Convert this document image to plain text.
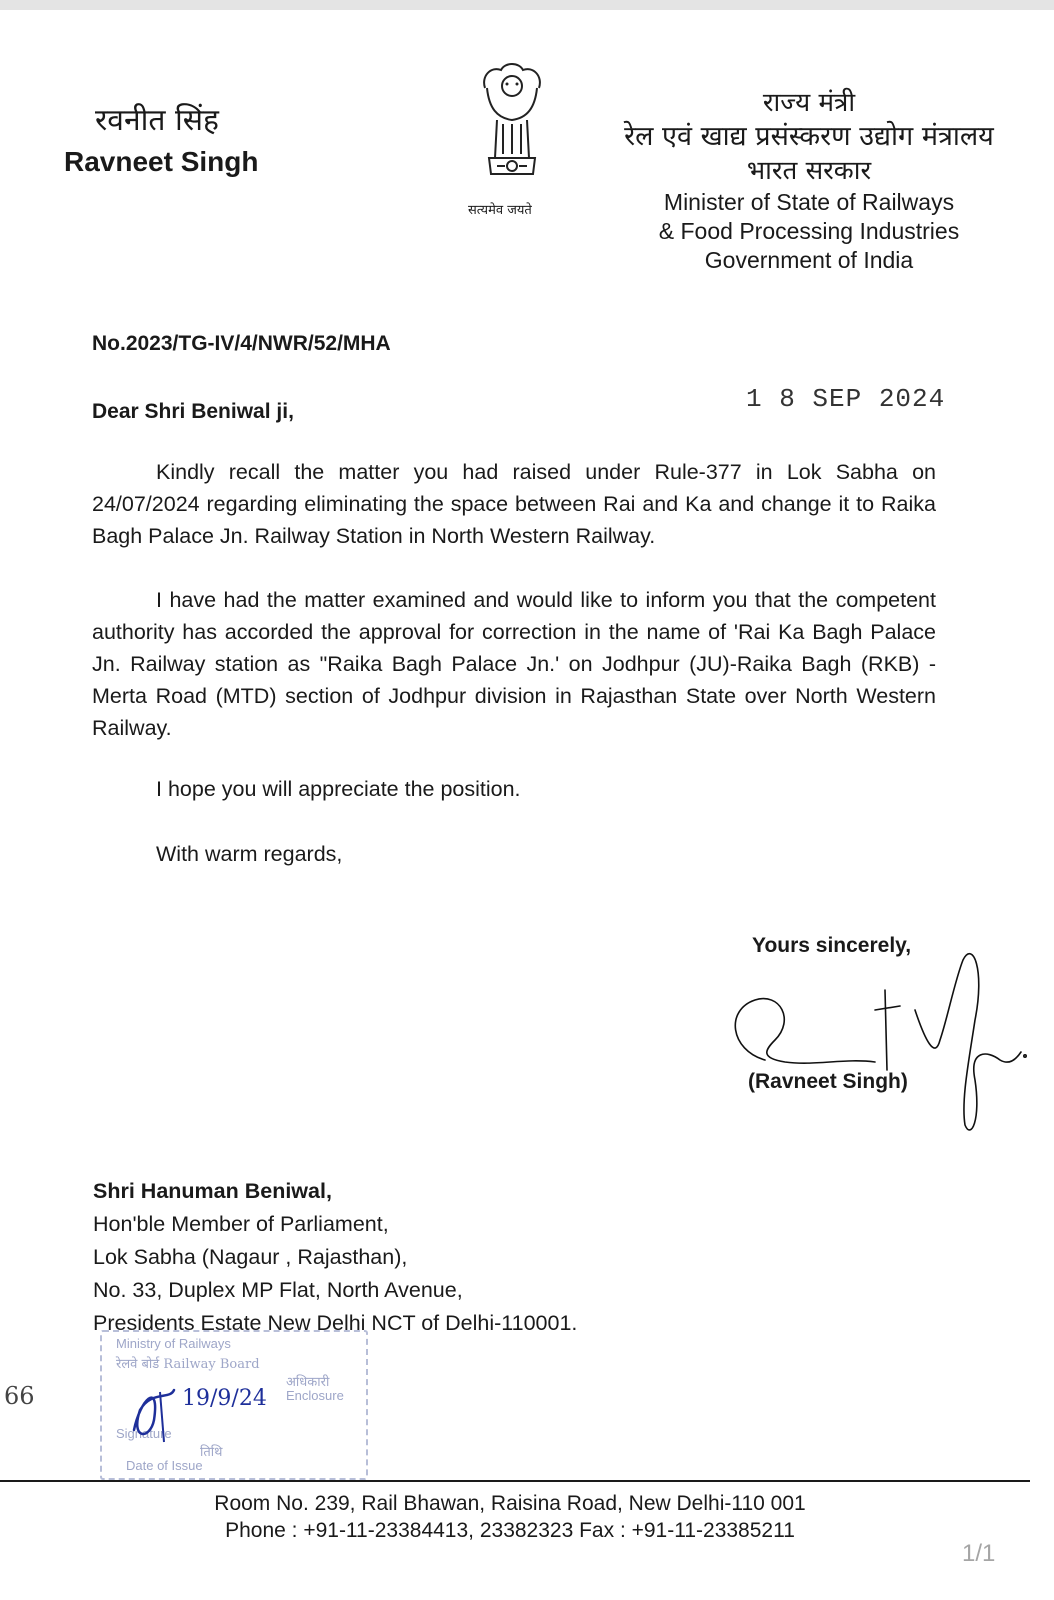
रवनीत सिंह
Ravneet Singh
सत्यमेव जयते
राज्य मंत्री
रेल एवं खाद्य प्रसंस्करण उद्योग मंत्रालय
भारत सरकार
Minister of State of Railways
& Food Processing Industries
Government of India
No.2023/TG-IV/4/NWR/52/MHA
1 8 SEP 2024
Dear Shri Beniwal ji,
Kindly recall the matter you had raised under Rule-377 in Lok Sabha on 24/07/2024 regarding eliminating the space between Rai and Ka and change it to Raika Bagh Palace Jn. Railway Station in North Western Railway.
I have had the matter examined and would like to inform you that the competent authority has accorded the approval for correction in the name of 'Rai Ka Bagh Palace Jn. Railway station as "Raika Bagh Palace Jn.' on Jodhpur (JU)-Raika Bagh (RKB) - Merta Road (MTD) section of Jodhpur division in Rajasthan State over North Western Railway.
I hope you will appreciate the position.
With warm regards,
Yours sincerely,
(Ravneet Singh)
Shri Hanuman Beniwal,
Hon'ble Member of Parliament,
Lok Sabha (Nagaur , Rajasthan),
No. 33, Duplex MP Flat, North Avenue,
Presidents Estate New Delhi NCT of Delhi-110001.
66
Ministry of Railways
रेलवे बोर्ड Railway Board
अधिकारी
Enclosure
Signature
तिथि
Date of Issue
19/9/24
Room No. 239, Rail Bhawan, Raisina Road, New Delhi-110 001
Phone : +91-11-23384413, 23382323 Fax : +91-11-23385211
1/1
